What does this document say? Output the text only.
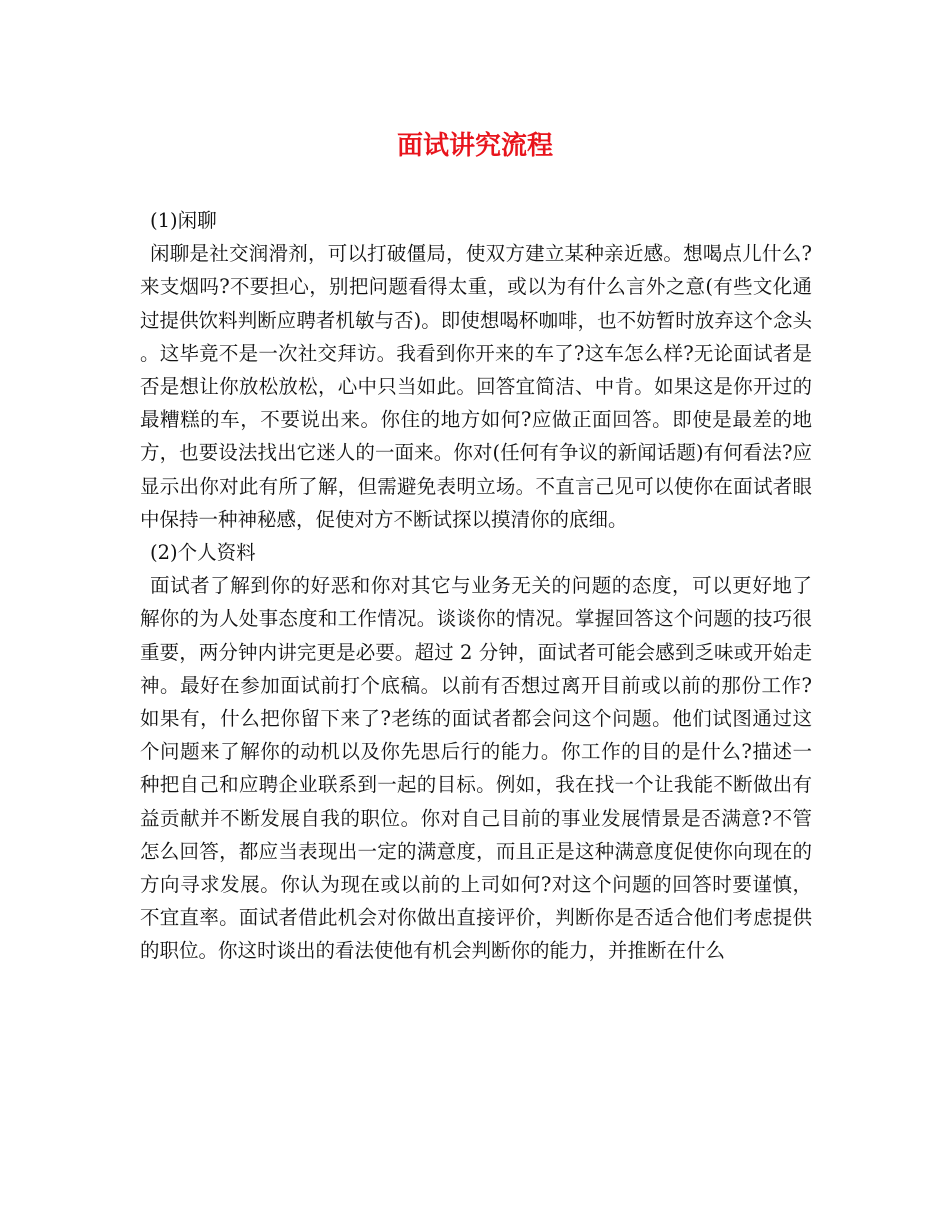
面试讲究流程

(1)闲聊

闲聊是社交润滑剂，可以打破僵局，使双方建立某种亲近感。想喝点儿什么?来支烟吗?不要担心，别把问题看得太重，或以为有什么言外之意(有些文化通过提供饮料判断应聘者机敏与否)。即使想喝杯咖啡，也不妨暂时放弃这个念头。这毕竟不是一次社交拜访。我看到你开来的车了?这车怎么样?无论面试者是否是想让你放松放松，心中只当如此。回答宜简洁、中肯。如果这是你开过的最糟糕的车，不要说出来。你住的地方如何?应做正面回答。即使是最差的地方，也要设法找出它迷人的一面来。你对(任何有争议的新闻话题)有何看法?应显示出你对此有所了解，但需避免表明立场。不直言己见可以使你在面试者眼中保持一种神秘感，促使对方不断试探以摸清你的底细。

(2)个人资料

面试者了解到你的好恶和你对其它与业务无关的问题的态度，可以更好地了解你的为人处事态度和工作情况。谈谈你的情况。掌握回答这个问题的技巧很重要，两分钟内讲完更是必要。超过 2 分钟，面试者可能会感到乏味或开始走神。最好在参加面试前打个底稿。以前有否想过离开目前或以前的那份工作?如果有，什么把你留下来了?老练的面试者都会问这个问题。他们试图通过这个问题来了解你的动机以及你先思后行的能力。你工作的目的是什么?描述一种把自己和应聘企业联系到一起的目标。例如，我在找一个让我能不断做出有益贡献并不断发展自我的职位。你对自己目前的事业发展情景是否满意?不管怎么回答，都应当表现出一定的满意度，而且正是这种满意度促使你向现在的方向寻求发展。你认为现在或以前的上司如何?对这个问题的回答时要谨慎，不宜直率。面试者借此机会对你做出直接评价，判断你是否适合他们考虑提供的职位。你这时谈出的看法使他有机会判断你的能力，并推断在什么
